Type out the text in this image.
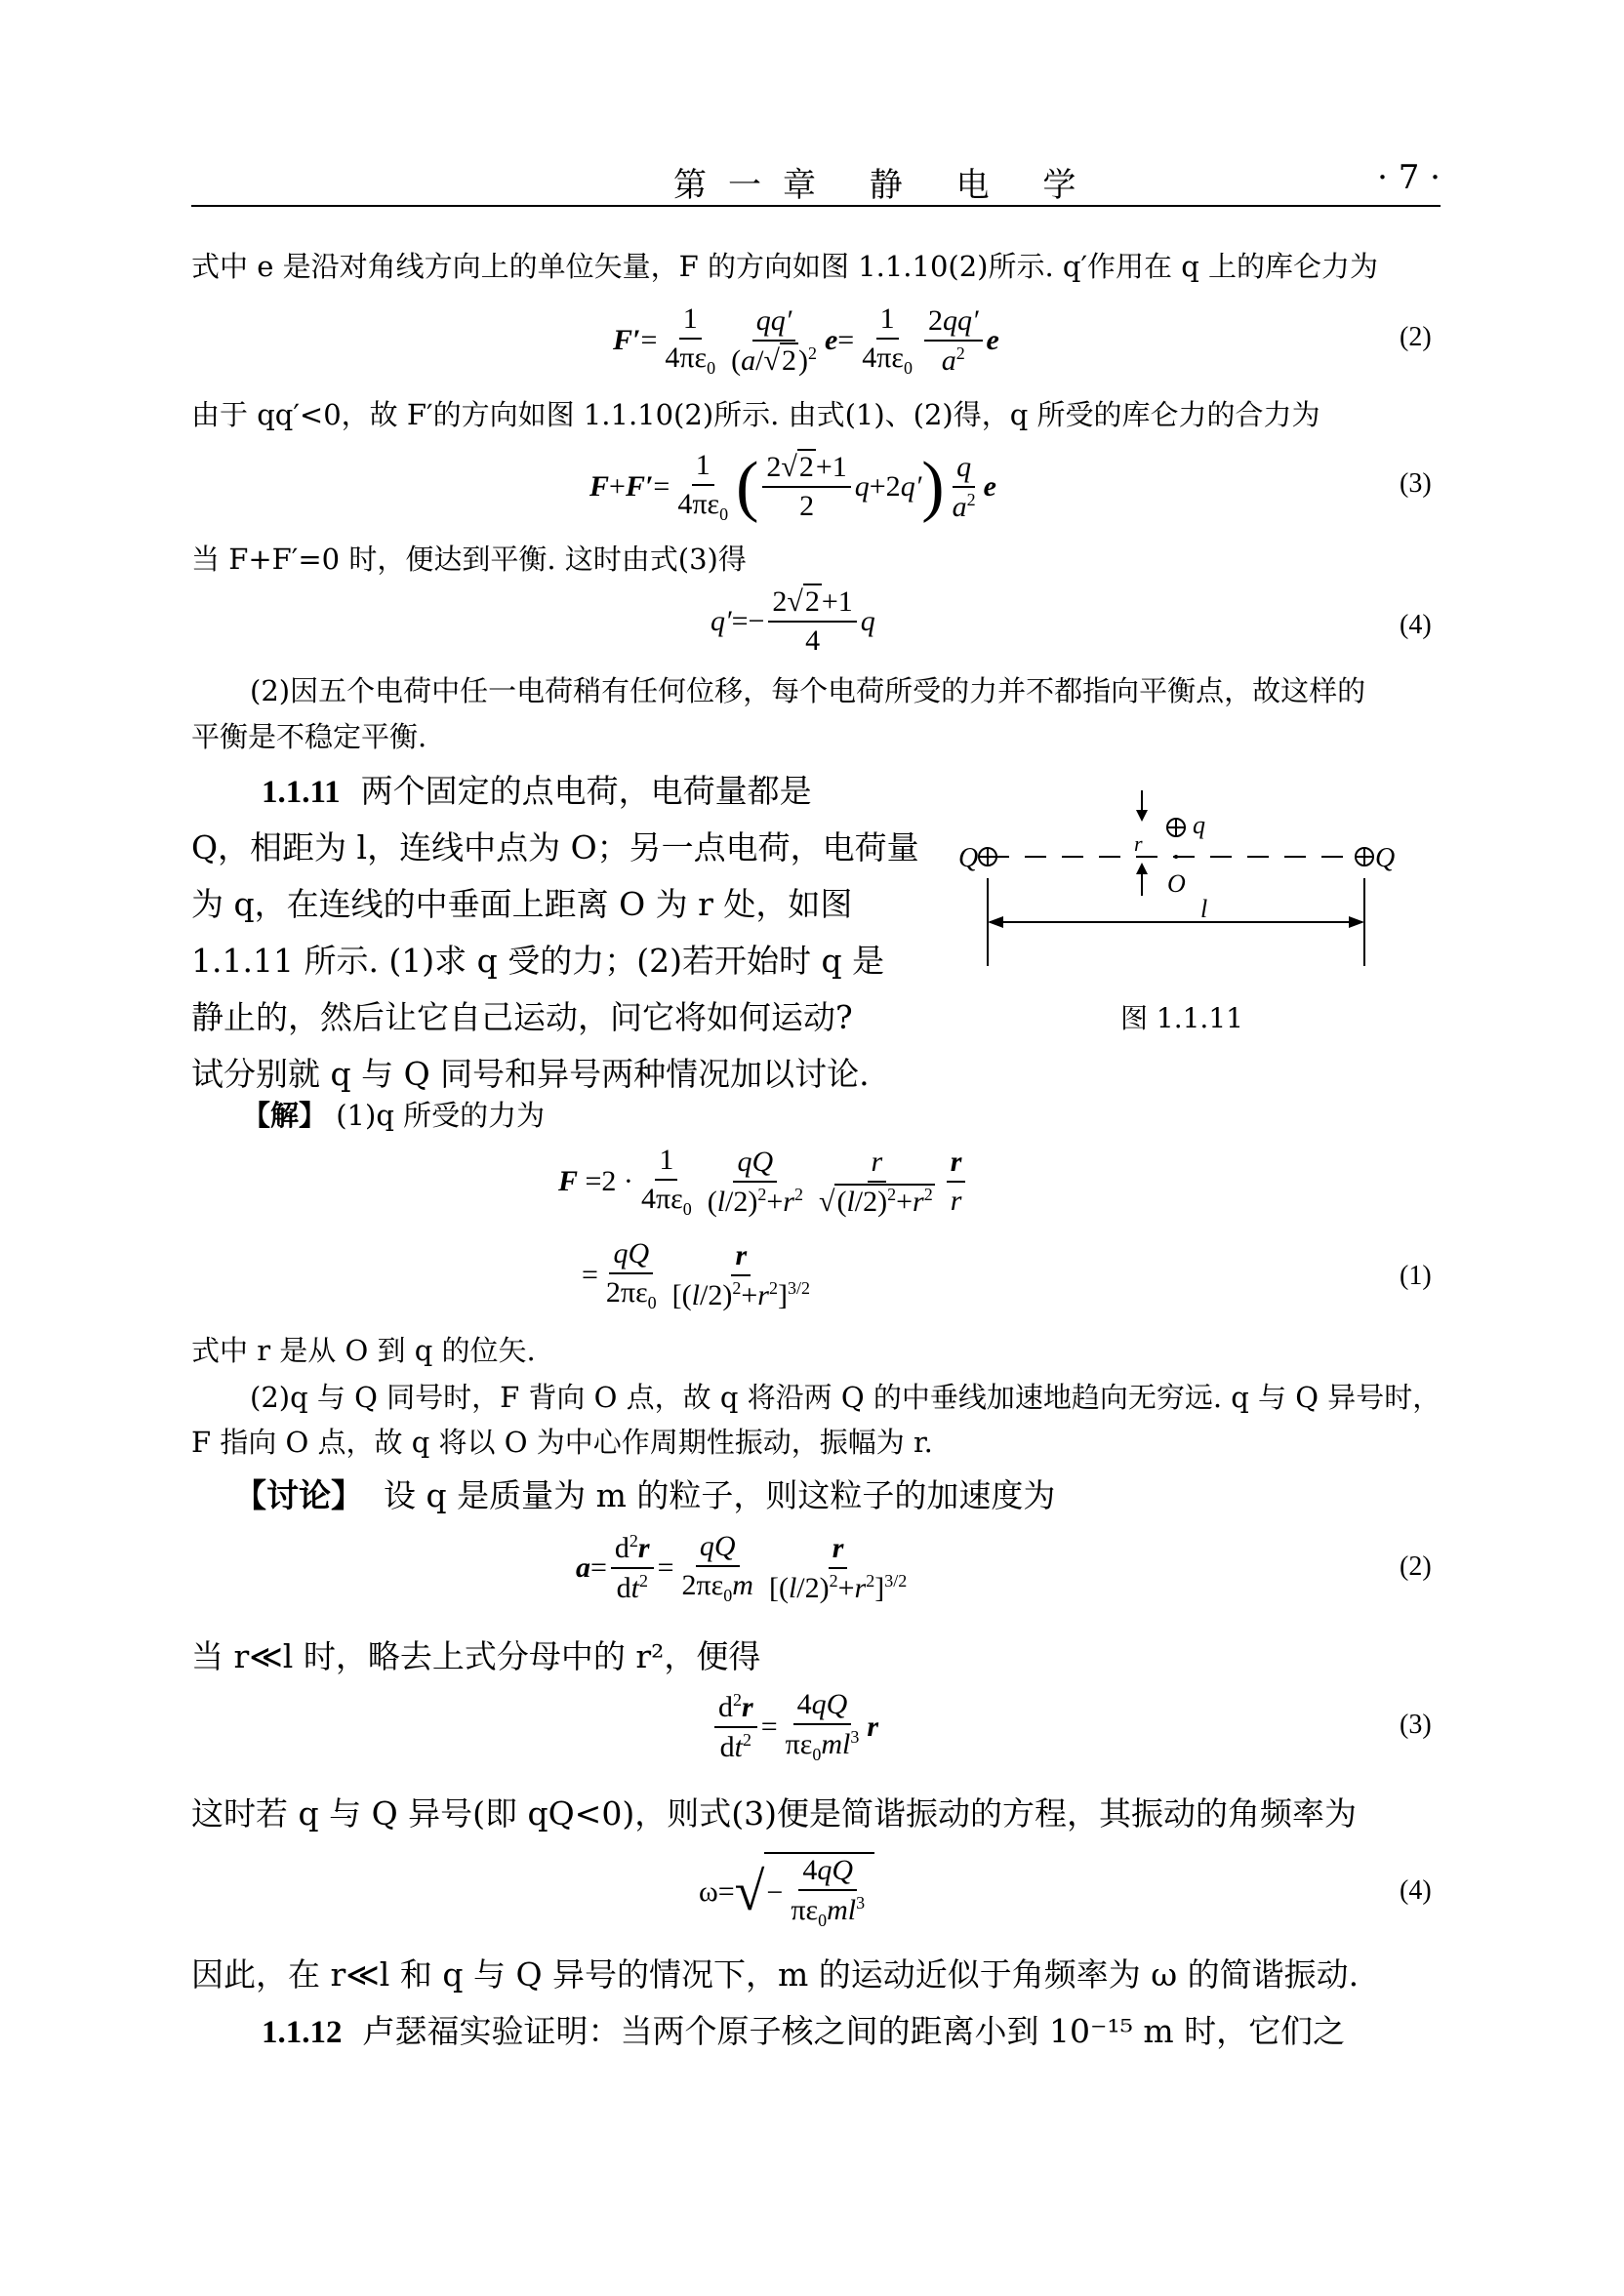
第一章 静 电 学	· 7 ·
式中 e 是沿对角线方向上的单位矢量，F 的方向如图 1.1.10(2)所示. q′作用在 q 上的库仑力为
$F' = \frac{1}{4\pi\varepsilon_0} \frac{qq'}{(a/√2)^2}$ $e = \frac{1}{4\pi\varepsilon_0} \frac{2qq'}{a^2}$ e	(2)
由于 qq′<0，故 F′的方向如图 1.1.10(2)所示. 由式(1)、(2)得，q 所受的库仑力的合力为
$F + F' = \frac{1}{4\pi\varepsilon_0}$ ( $\frac{2√2+1}{2}$ q +2 q′ ) $\frac{q}{a^2}$ e	(3)
当 F+F′=0 时，便达到平衡. 这时由式(3)得
$q' =- \frac{2√2+1}{4}$ q	(4)
(2)因五个电荷中任一电荷稍有任何位移，每个电荷所受的力并不都指向平衡点，故这样的
平衡是不稳定平衡.
1.1.11 两个固定的点电荷，电荷量都是
Q，相距为 l，连线中点为 O；另一点电荷，电荷量
为 q，在连线的中垂面上距离 O 为 r 处，如图
1.1.11 所示. (1)求 q 受的力；(2)若开始时 q 是
静止的，然后让它自己运动，问它将如何运动?
试分别就 q 与 Q 同号和异号两种情况加以讨论.
Q	Q
q
r
O
l
图 1.1.11
【解】 (1)q 所受的力为
$F =2 \cdot \frac{1}{4\pi\varepsilon_0} \frac{qQ}{(l/2)^2+r^2} \frac{r}{√(l/2)^2+r^2} \frac{r}{r}$
= $\frac{qQ}{2\pi\varepsilon_0} \frac{r}{[(l/2)^2+r^2]^{3/2}}$	(1)
式中 r 是从 O 到 q 的位矢.
(2)q 与 Q 同号时，F 背向 O 点，故 q 将沿两 Q 的中垂线加速地趋向无穷远. q 与 Q 异号时，
F 指向 O 点，故 q 将以 O 为中心作周期性振动，振幅为 r.
【讨论】 设 q 是质量为 m 的粒子，则这粒子的加速度为
$a = \frac{d^2r}{dt^2} = \frac{qQ}{2\pi\varepsilon_0m} \frac{r}{[(l/2)^2+r^2]^{3/2}}$	(2)
当 r≪l 时，略去上式分母中的 r²，便得
$\frac{d^2r}{dt^2} = \frac{4qQ}{\pi\varepsilon_0ml^3}$ r	(3)
这时若 q 与 Q 异号(即 qQ<0)，则式(3)便是简谐振动的方程，其振动的角频率为
ω= √ − $\frac{4qQ}{\pi\varepsilon_0ml^3}$	(4)
因此，在 r≪l 和 q 与 Q 异号的情况下，m 的运动近似于角频率为 ω 的简谐振动.
1.1.12 卢瑟福实验证明：当两个原子核之间的距离小到 10⁻¹⁵ m 时，它们之
